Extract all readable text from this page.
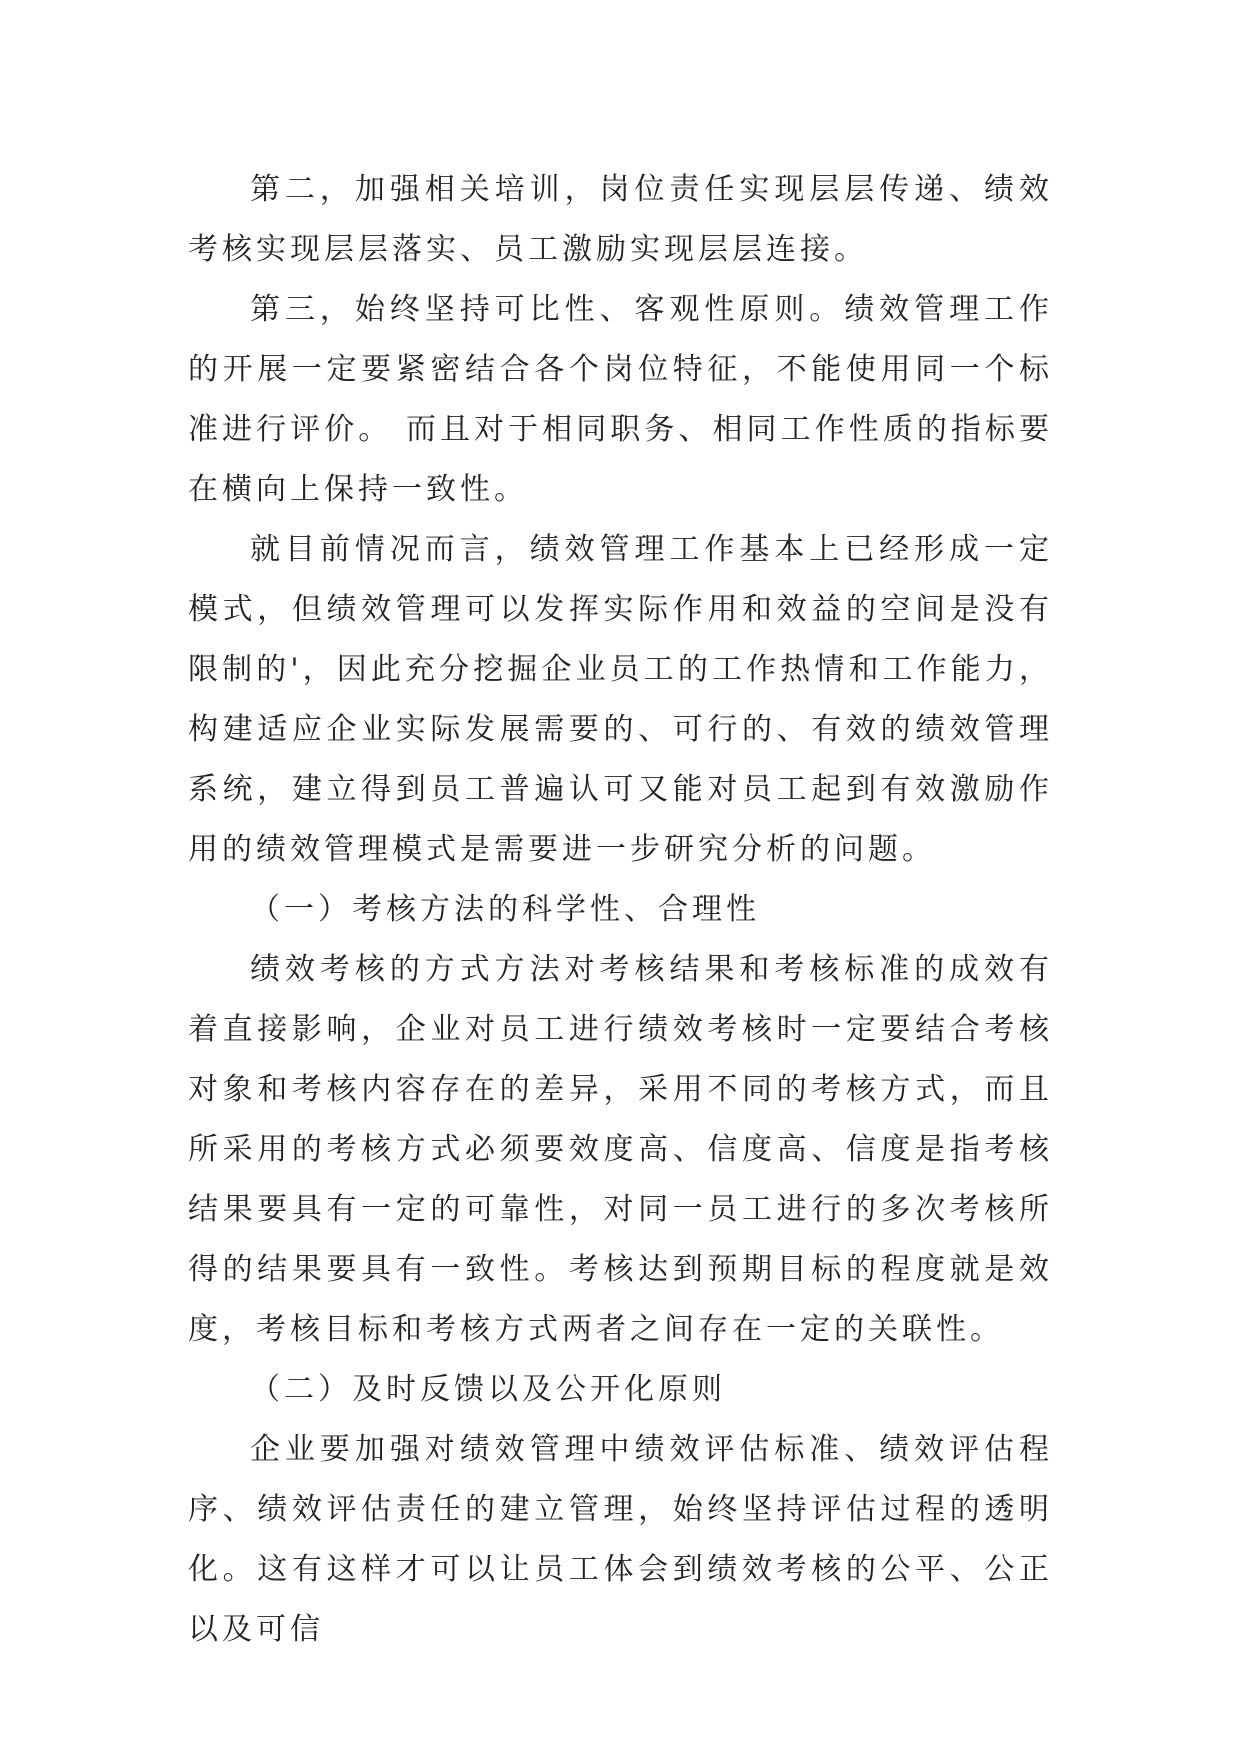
第二，加强相关培训，岗位责任实现层层传递、绩效考核实现层层落实、员工激励实现层层连接。

第三，始终坚持可比性、客观性原则。绩效管理工作的开展一定要紧密结合各个岗位特征，不能使用同一个标准进行评价。 而且对于相同职务、相同工作性质的指标要在横向上保持一致性。

就目前情况而言，绩效管理工作基本上已经形成一定模式，但绩效管理可以发挥实际作用和效益的空间是没有限制的'，因此充分挖掘企业员工的工作热情和工作能力，构建适应企业实际发展需要的、可行的、有效的绩效管理系统，建立得到员工普遍认可又能对员工起到有效激励作用的绩效管理模式是需要进一步研究分析的问题。

（一）考核方法的科学性、合理性

绩效考核的方式方法对考核结果和考核标准的成效有着直接影响，企业对员工进行绩效考核时一定要结合考核对象和考核内容存在的差异，采用不同的考核方式，而且所采用的考核方式必须要效度高、信度高、信度是指考核结果要具有一定的可靠性，对同一员工进行的多次考核所得的结果要具有一致性。考核达到预期目标的程度就是效度，考核目标和考核方式两者之间存在一定的关联性。

（二）及时反馈以及公开化原则

企业要加强对绩效管理中绩效评估标准、绩效评估程序、绩效评估责任的建立管理，始终坚持评估过程的透明化。这有这样才可以让员工体会到绩效考核的公平、公正以及可信
